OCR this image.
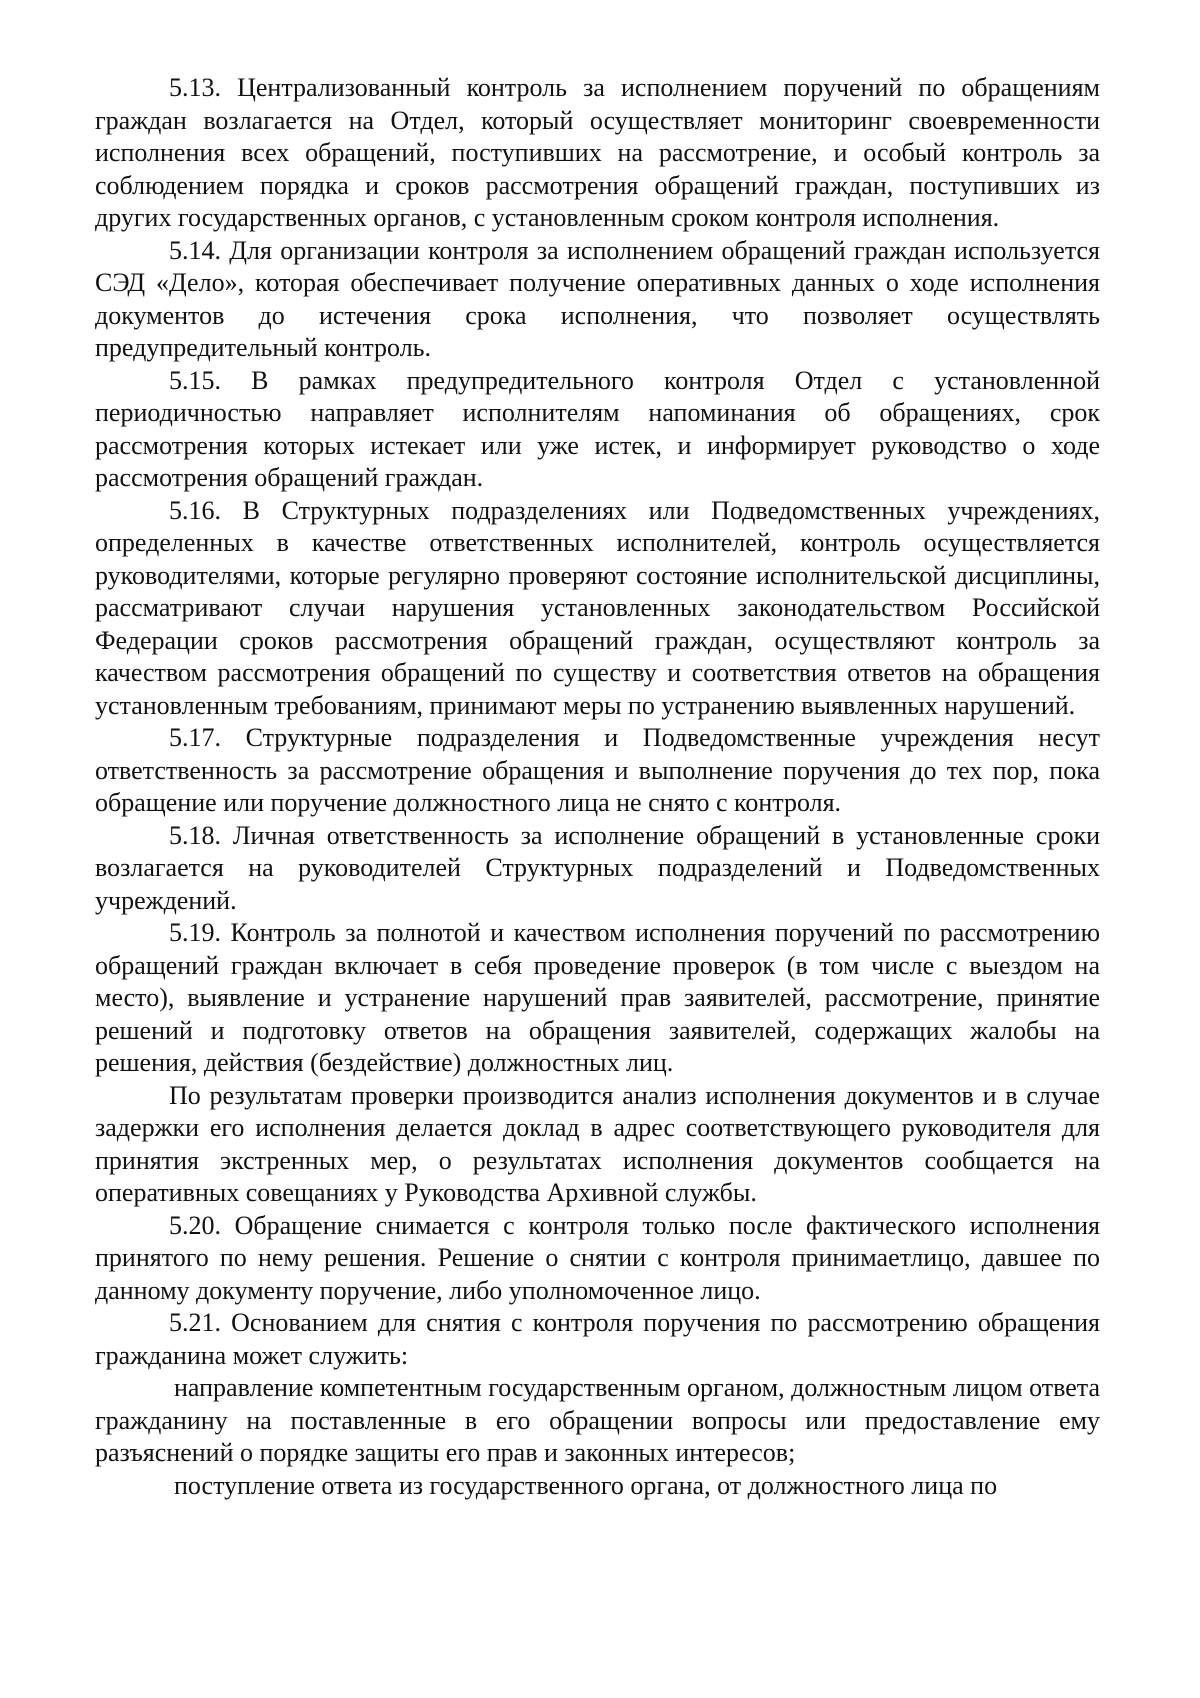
5.13. Централизованный контроль за исполнением поручений по обращениям граждан возлагается на Отдел, который осуществляет мониторинг своевременности исполнения всех обращений, поступивших на рассмотрение, и особый контроль за соблюдением порядка и сроков рассмотрения обращений граждан, поступивших из других государственных органов, с установленным сроком контроля исполнения.

5.14. Для организации контроля за исполнением обращений граждан используется СЭД «Дело», которая обеспечивает получение оперативных данных о ходе исполнения документов до истечения срока исполнения, что позволяет осуществлять предупредительный контроль.

5.15. В рамках предупредительного контроля Отдел с установленной периодичностью направляет исполнителям напоминания об обращениях, срок рассмотрения которых истекает или уже истек, и информирует руководство о ходе рассмотрения обращений граждан.

5.16. В Структурных подразделениях или Подведомственных учреждениях, определенных в качестве ответственных исполнителей, контроль осуществляется руководителями, которые регулярно проверяют состояние исполнительской дисциплины, рассматривают случаи нарушения установленных законодательством Российской Федерации сроков рассмотрения обращений граждан, осуществляют контроль за качеством рассмотрения обращений по существу и соответствия ответов на обращения установленным требованиям, принимают меры по устранению выявленных нарушений.

5.17. Структурные подразделения и Подведомственные учреждения несут ответственность за рассмотрение обращения и выполнение поручения до тех пор, пока обращение или поручение должностного лица не снято с контроля.

5.18. Личная ответственность за исполнение обращений в установленные сроки возлагается на руководителей Структурных подразделений и Подведомственных учреждений.

5.19. Контроль за полнотой и качеством исполнения поручений по рассмотрению обращений граждан включает в себя проведение проверок (в том числе с выездом на место), выявление и устранение нарушений прав заявителей, рассмотрение, принятие решений и подготовку ответов на обращения заявителей, содержащих жалобы на решения, действия (бездействие) должностных лиц.

По результатам проверки производится анализ исполнения документов и в случае задержки его исполнения делается доклад в адрес соответствующего руководителя для принятия экстренных мер, о результатах исполнения документов сообщается на оперативных совещаниях у Руководства Архивной службы.

5.20. Обращение снимается с контроля только после фактического исполнения принятого по нему решения. Решение о снятии с контроля принимаетлицо, давшее по данному документу поручение, либо уполномоченное лицо.

5.21. Основанием для снятия с контроля поручения по рассмотрению обращения гражданина может служить:

направление компетентным государственным органом, должностным лицом ответа гражданину на поставленные в его обращении вопросы или предоставление ему разъяснений о порядке защиты его прав и законных интересов;

поступление ответа из государственного органа, от должностного лица по
